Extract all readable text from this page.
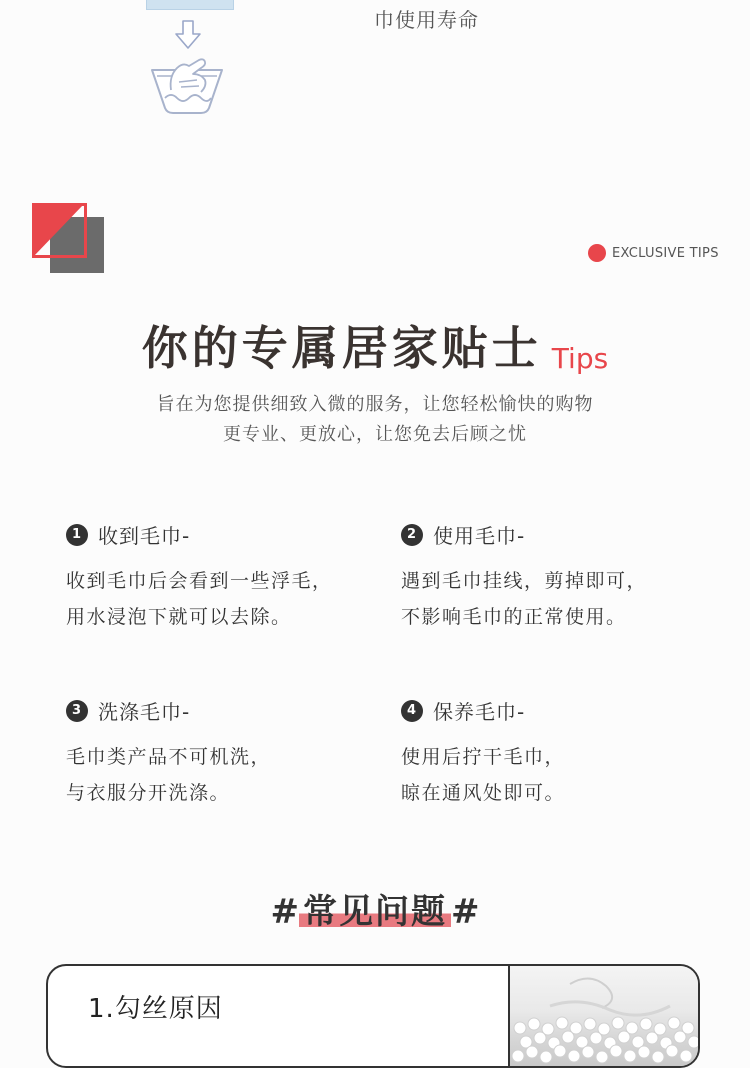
巾使用寿命
EXCLUSIVE TIPS
你的专属居家贴士 Tips
旨在为您提供细致入微的服务，让您轻松愉快的购物
更专业、更放心，让您免去后顾之忧
1 收到毛巾-
收到毛巾后会看到一些浮毛，
用水浸泡下就可以去除。
2 使用毛巾-
遇到毛巾挂线，剪掉即可，
不影响毛巾的正常使用。
3 洗涤毛巾-
毛巾类产品不可机洗，
与衣服分开洗涤。
4 保养毛巾-
使用后拧干毛巾，
晾在通风处即可。
# 常见问题 #
1.勾丝原因
